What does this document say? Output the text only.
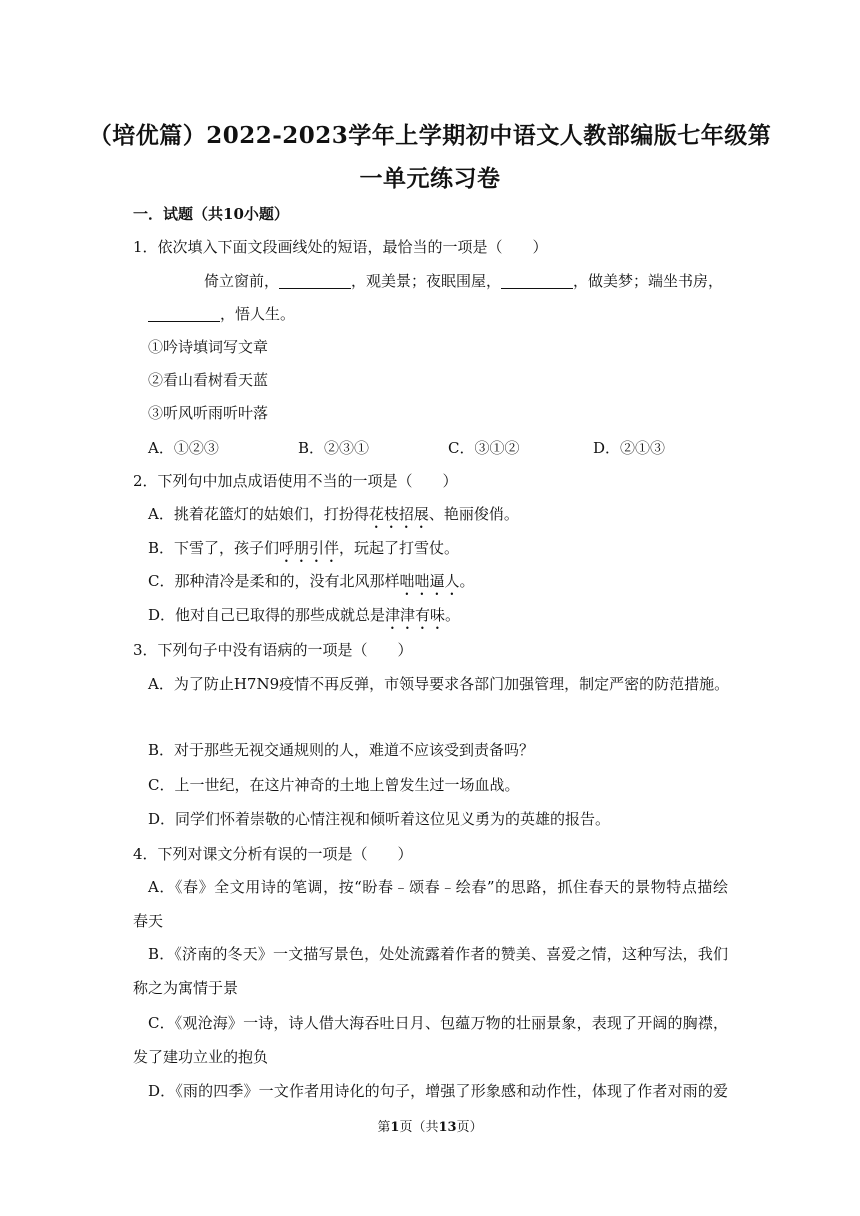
（培优篇）2022-2023学年上学期初中语文人教部编版七年级第
一单元练习卷
一．试题（共10小题）
1．依次填入下面文段画线处的短语，最恰当的一项是（　　）
倚立窗前，	，观美景；夜眠围屋，	，做美梦；端坐书房，
，悟人生。
①吟诗填词写文章
②看山看树看天蓝
③听风听雨听叶落
A．①②③	B．②③①	C．③①②	D．②①③
2．下列句中加点成语使用不当的一项是（　　）
A．挑着花篮灯的姑娘们，打扮得花枝招展、艳丽俊俏。
B．下雪了，孩子们呼朋引伴，玩起了打雪仗。
C．那种清冷是柔和的，没有北风那样咄咄逼人。
D．他对自己已取得的那些成就总是津津有味。
3．下列句子中没有语病的一项是（　　）
A．为了防止H7N9疫情不再反弹，市领导要求各部门加强管理，制定严密的防范措施。
B．对于那些无视交通规则的人，难道不应该受到责备吗？
C．上一世纪，在这片神奇的土地上曾发生过一场血战。
D．同学们怀着崇敬的心情注视和倾听着这位见义勇为的英雄的报告。
4．下列对课文分析有误的一项是（　　）
A．《春》全文用诗的笔调，按“盼春﹣颂春﹣绘春”的思路，抓住春天的景物特点描绘
春天
B．《济南的冬天》一文描写景色，处处流露着作者的赞美、喜爱之情，这种写法，我们
称之为寓情于景
C．《观沧海》一诗，诗人借大海吞吐日月、包蕴万物的壮丽景象，表现了开阔的胸襟，
发了建功立业的抱负
D．《雨的四季》一文作者用诗化的句子，增强了形象感和动作性，体现了作者对雨的爱
第1页（共13页）
